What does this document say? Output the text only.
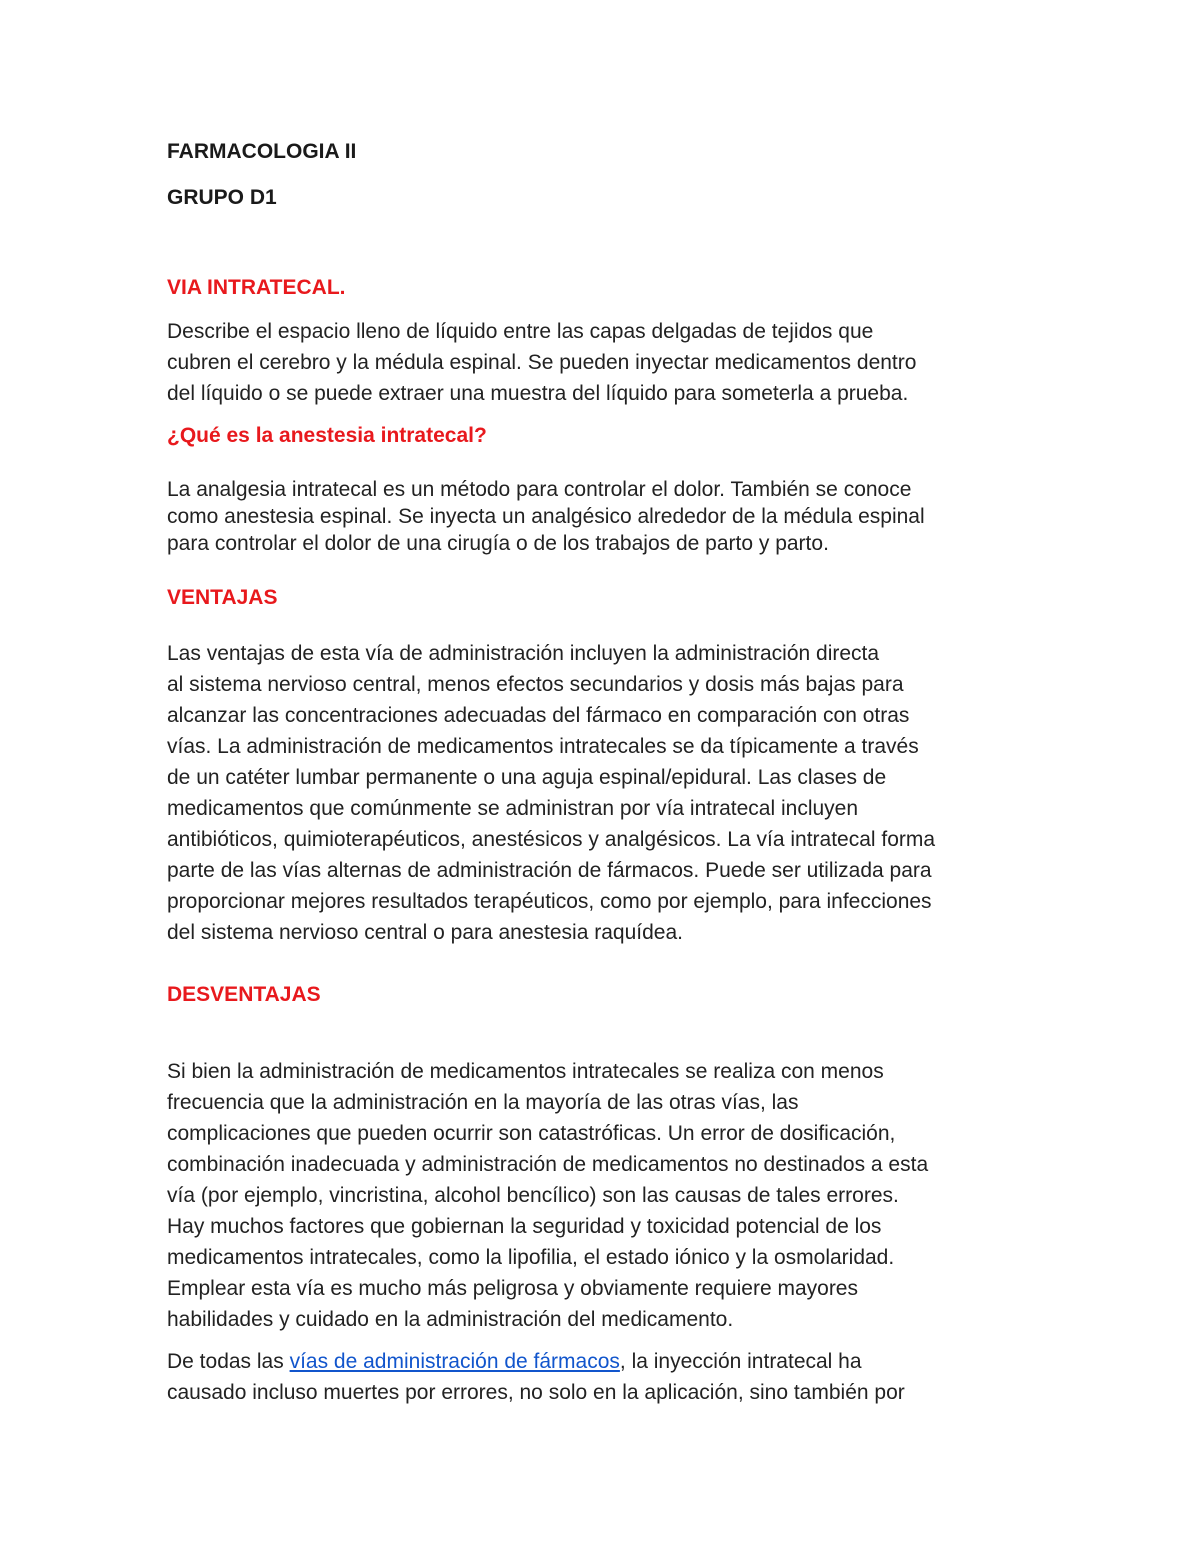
FARMACOLOGIA II
GRUPO D1
VIA INTRATECAL.
Describe el espacio lleno de líquido entre las capas delgadas de tejidos que
cubren el cerebro y la médula espinal. Se pueden inyectar medicamentos dentro
del líquido o se puede extraer una muestra del líquido para someterla a prueba.
¿Qué es la anestesia intratecal?
La analgesia intratecal es un método para controlar el dolor. También se conoce
como anestesia espinal. Se inyecta un analgésico alrededor de la médula espinal
para controlar el dolor de una cirugía o de los trabajos de parto y parto.
VENTAJAS
Las ventajas de esta vía de administración incluyen la administración directa
al sistema nervioso central, menos efectos secundarios y dosis más bajas para
alcanzar las concentraciones adecuadas del fármaco en comparación con otras
vías. La administración de medicamentos intratecales se da típicamente a través
de un catéter lumbar permanente o una aguja espinal/epidural. Las clases de
medicamentos que comúnmente se administran por vía intratecal incluyen
antibióticos, quimioterapéuticos, anestésicos y analgésicos. La vía intratecal forma
parte de las vías alternas de administración de fármacos. Puede ser utilizada para
proporcionar mejores resultados terapéuticos, como por ejemplo, para infecciones
del sistema nervioso central o para anestesia raquídea.
DESVENTAJAS
Si bien la administración de medicamentos intratecales se realiza con menos
frecuencia que la administración en la mayoría de las otras vías, las
complicaciones que pueden ocurrir son catastróficas. Un error de dosificación,
combinación inadecuada y administración de medicamentos no destinados a esta
vía (por ejemplo, vincristina, alcohol bencílico) son las causas de tales errores.
Hay muchos factores que gobiernan la seguridad y toxicidad potencial de los
medicamentos intratecales, como la lipofilia, el estado iónico y la osmolaridad.
Emplear esta vía es mucho más peligrosa y obviamente requiere mayores
habilidades y cuidado en la administración del medicamento.
De todas las vías de administración de fármacos, la inyección intratecal ha
causado incluso muertes por errores, no solo en la aplicación, sino también por
